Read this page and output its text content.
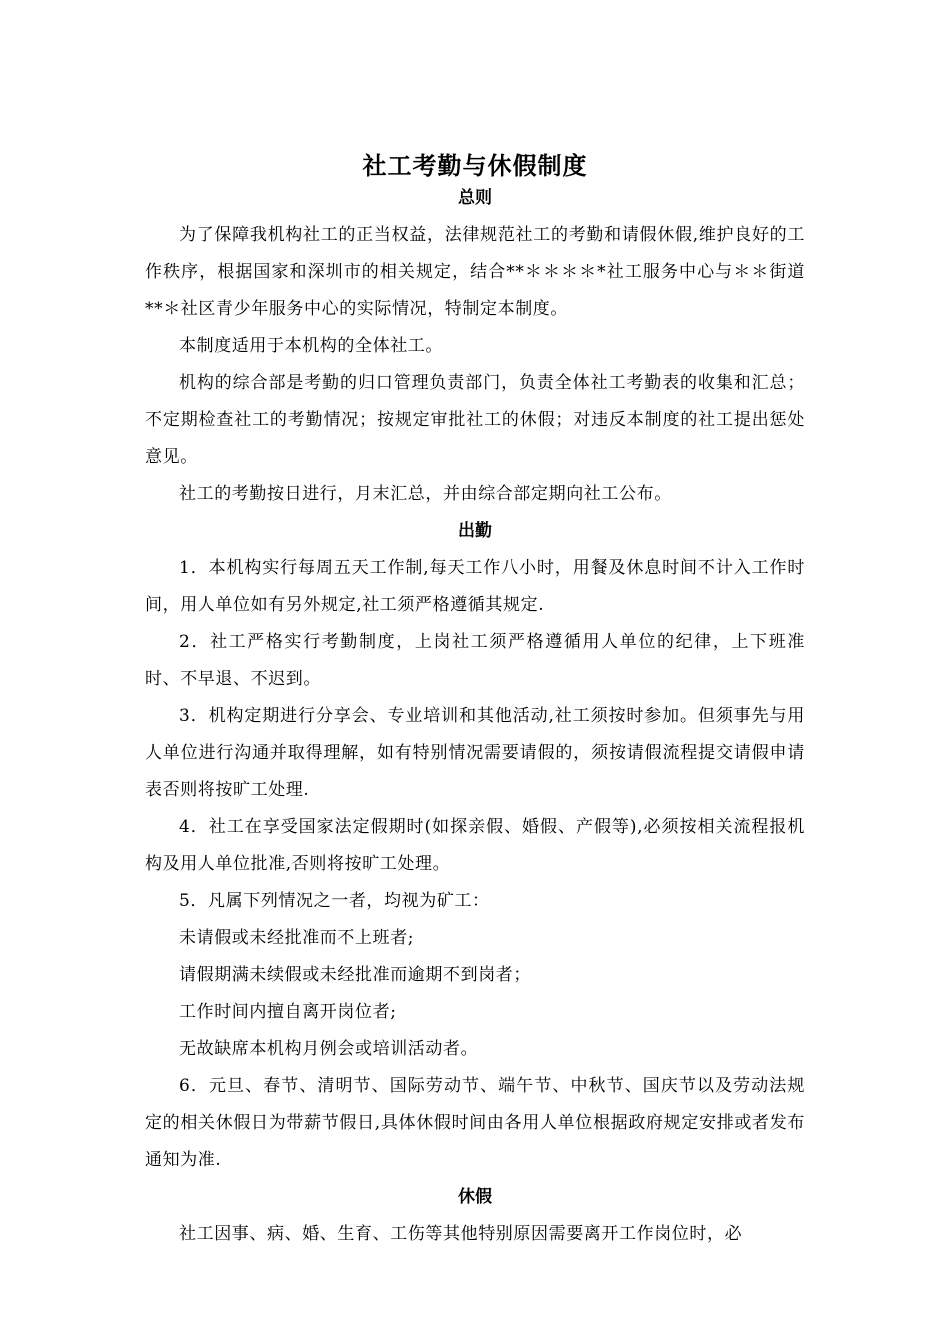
社工考勤与休假制度
总则

为了保障我机构社工的正当权益，法律规范社工的考勤和请假休假,维护良好的工作秩序，根据国家和深圳市的相关规定，结合**＊＊＊＊*社工服务中心与＊＊街道**＊社区青少年服务中心的实际情况，特制定本制度。

本制度适用于本机构的全体社工。

机构的综合部是考勤的归口管理负责部门，负责全体社工考勤表的收集和汇总；不定期检查社工的考勤情况；按规定审批社工的休假；对违反本制度的社工提出惩处意见。

社工的考勤按日进行，月末汇总，并由综合部定期向社工公布。

出勤

1．本机构实行每周五天工作制,每天工作八小时，用餐及休息时间不计入工作时间，用人单位如有另外规定,社工须严格遵循其规定.

2．社工严格实行考勤制度，上岗社工须严格遵循用人单位的纪律，上下班准时、不早退、不迟到。

3．机构定期进行分享会、专业培训和其他活动,社工须按时参加。但须事先与用人单位进行沟通并取得理解，如有特别情况需要请假的，须按请假流程提交请假申请表否则将按旷工处理.

4．社工在享受国家法定假期时(如探亲假、婚假、产假等),必须按相关流程报机构及用人单位批准,否则将按旷工处理。

5．凡属下列情况之一者，均视为矿工：

未请假或未经批准而不上班者;

请假期满未续假或未经批准而逾期不到岗者；

工作时间内擅自离开岗位者;

无故缺席本机构月例会或培训活动者。

6．元旦、春节、清明节、国际劳动节、端午节、中秋节、国庆节以及劳动法规定的相关休假日为带薪节假日,具体休假时间由各用人单位根据政府规定安排或者发布通知为准.

休假

社工因事、病、婚、生育、工伤等其他特别原因需要离开工作岗位时，必
